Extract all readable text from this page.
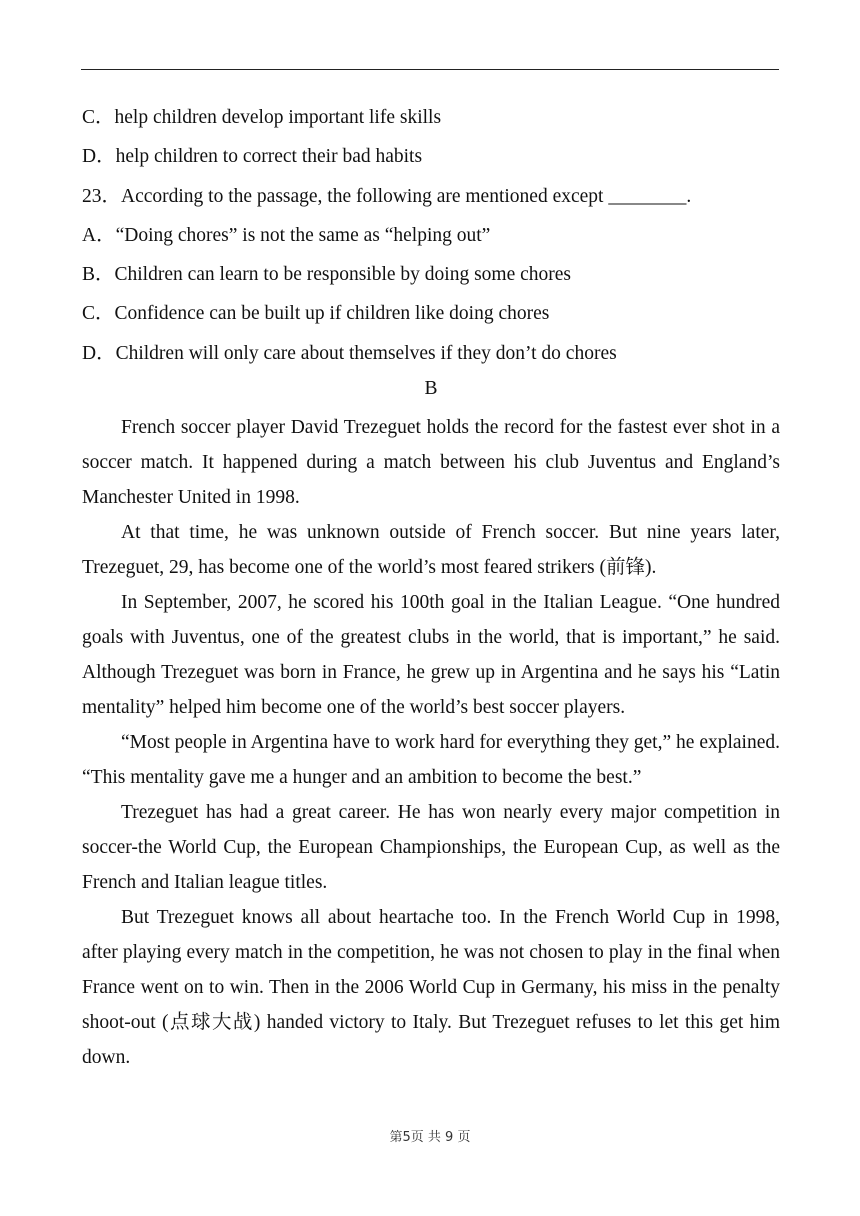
C．help children develop important life skills
D．help children to correct their bad habits
23．According to the passage, the following are mentioned except ________.
A．“Doing chores” is not the same as “helping out”
B．Children can learn to be responsible by doing some chores
C．Confidence can be built up if children like doing chores
D．Children will only care about themselves if they don’t do chores
B

French soccer player David Trezeguet holds the record for the fastest ever shot in a soccer match. It happened during a match between his club Juventus and England’s Manchester United in 1998.

At that time, he was unknown outside of French soccer. But nine years later, Trezeguet, 29, has become one of the world’s most feared strikers (前锋).

In September, 2007, he scored his 100th goal in the Italian League. “One hundred goals with Juventus, one of the greatest clubs in the world, that is important,” he said. Although Trezeguet was born in France, he grew up in Argentina and he says his “Latin mentality” helped him become one of the world’s best soccer players.

“Most people in Argentina have to work hard for everything they get,” he explained. “This mentality gave me a hunger and an ambition to become the best.”

Trezeguet has had a great career. He has won nearly every major competition in soccer-the World Cup, the European Championships, the European Cup, as well as the French and Italian league titles.

But Trezeguet knows all about heartache too. In the French World Cup in 1998, after playing every match in the competition, he was not chosen to play in the final when France went on to win. Then in the 2006 World Cup in Germany, his miss in the penalty shoot-out (点球大战) handed victory to Italy. But Trezeguet refuses to let this get him down.

第5页 共 9 页
